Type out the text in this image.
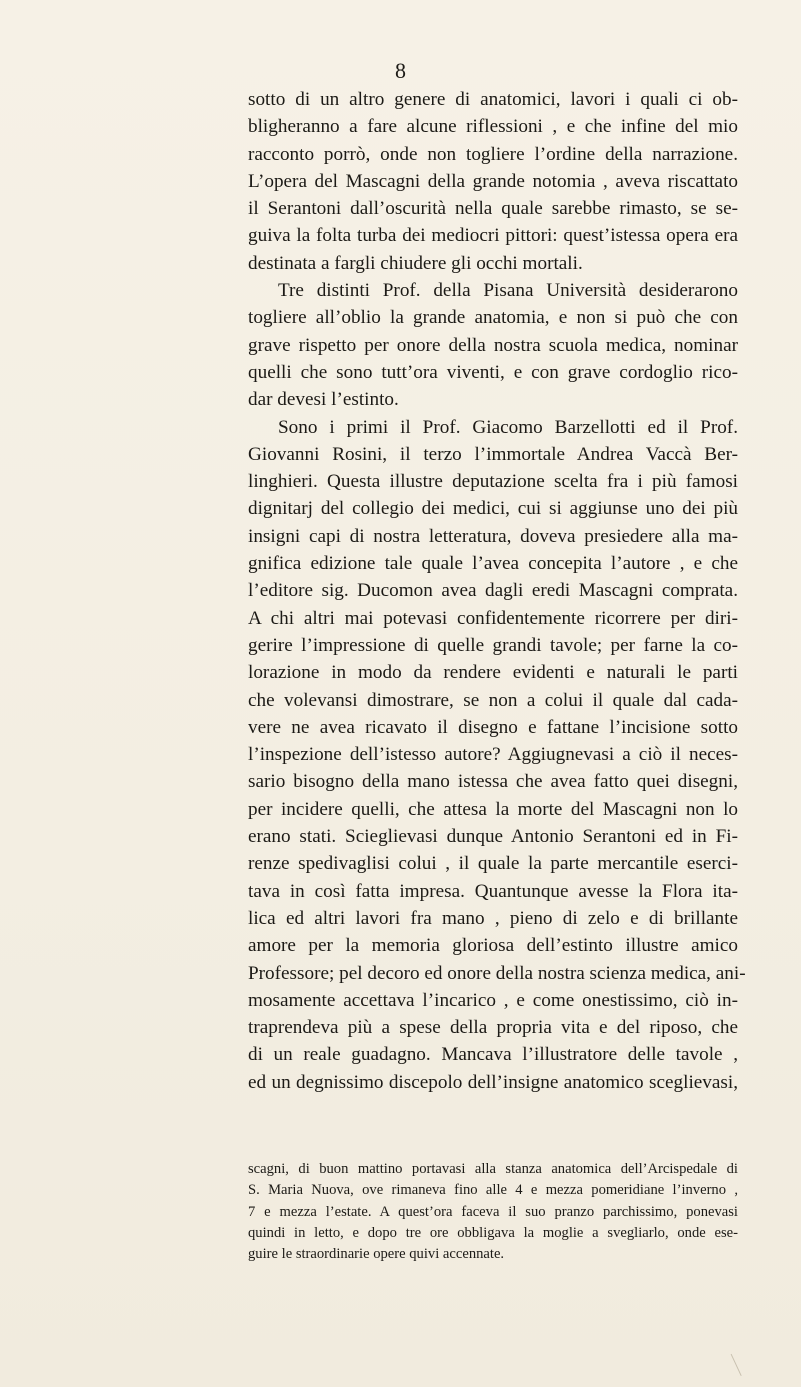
8
sotto di un altro genere di anatomici, lavori i quali ci ob-
bligheranno a fare alcune riflessioni , e che infine del mio
racconto porrò, onde non togliere l’ordine della narrazione.
L’opera del Mascagni della grande notomia , aveva riscattato
il Serantoni dall’oscurità nella quale sarebbe rimasto, se se-
guiva la folta turba dei mediocri pittori: quest’istessa opera era
destinata a fargli chiudere gli occhi mortali.
Tre distinti Prof. della Pisana Università desiderarono
togliere all’oblio la grande anatomia, e non si può che con
grave rispetto per onore della nostra scuola medica, nominar
quelli che sono tutt’ora viventi, e con grave cordoglio rico-
dar devesi l’estinto.
Sono i primi il Prof. Giacomo Barzellotti ed il Prof.
Giovanni Rosini, il terzo l’immortale Andrea Vaccà Ber-
linghieri. Questa illustre deputazione scelta fra i più famosi
dignitarj del collegio dei medici, cui si aggiunse uno dei più
insigni capi di nostra letteratura, doveva presiedere alla ma-
gnifica edizione tale quale l’avea concepita l’autore , e che
l’editore sig. Ducomon avea dagli eredi Mascagni comprata.
A chi altri mai potevasi confidentemente ricorrere per diri-
gerire l’impressione di quelle grandi tavole; per farne la co-
lorazione in modo da rendere evidenti e naturali le parti
che volevansi dimostrare, se non a colui il quale dal cada-
vere ne avea ricavato il disegno e fattane l’incisione sotto
l’inspezione dell’istesso autore? Aggiugnevasi a ciò il neces-
sario bisogno della mano istessa che avea fatto quei disegni,
per incidere quelli, che attesa la morte del Mascagni non lo
erano stati. Scieglievasi dunque Antonio Serantoni ed in Fi-
renze spedivaglisi colui , il quale la parte mercantile eserci-
tava in così fatta impresa. Quantunque avesse la Flora ita-
lica ed altri lavori fra mano , pieno di zelo e di brillante
amore per la memoria gloriosa dell’estinto illustre amico
Professore; pel decoro ed onore della nostra scienza medica, ani-
mosamente accettava l’incarico , e come onestissimo, ciò in-
traprendeva più a spese della propria vita e del riposo, che
di un reale guadagno. Mancava l’illustratore delle tavole ,
ed un degnissimo discepolo dell’insigne anatomico sceglievasi,
scagni, di buon mattino portavasi alla stanza anatomica dell’Arcispedale di
S. Maria Nuova, ove rimaneva fino alle 4 e mezza pomeridiane l’inverno ,
7 e mezza l’estate. A quest’ora faceva il suo pranzo parchissimo, ponevasi
quindi in letto, e dopo tre ore obbligava la moglie a svegliarlo, onde ese-
guire le straordinarie opere quivi accennate.
